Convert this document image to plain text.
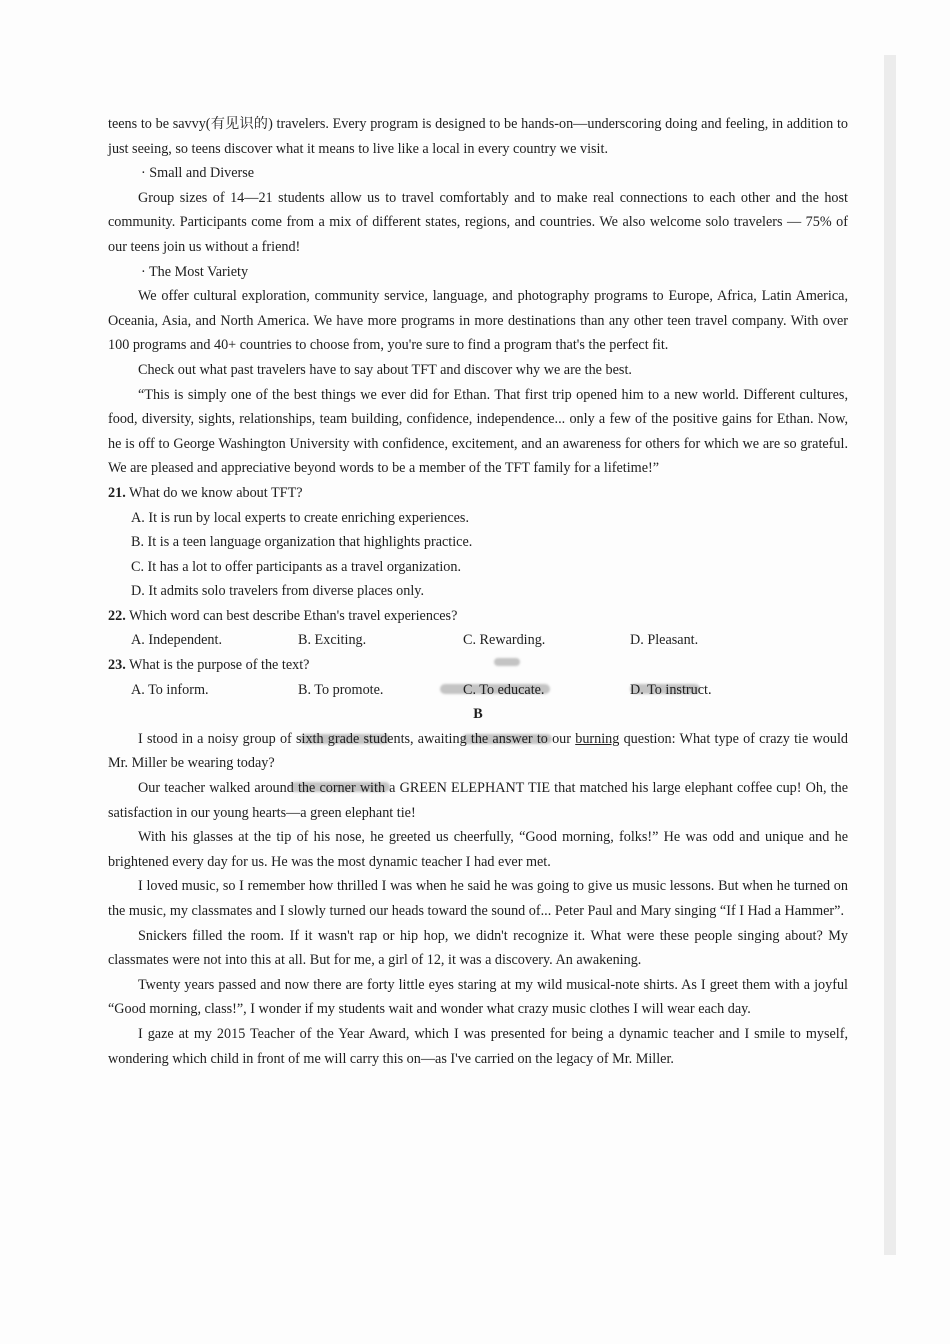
teens to be savvy(有见识的) travelers. Every program is designed to be hands-on—underscoring doing and feeling, in addition to just seeing, so teens discover what it means to live like a local in every country we visit.

· Small and Diverse

Group sizes of 14—21 students allow us to travel comfortably and to make real connections to each other and the host community. Participants come from a mix of different states, regions, and countries. We also welcome solo travelers — 75% of our teens join us without a friend!

· The Most Variety

We offer cultural exploration, community service, language, and photography programs to Europe, Africa, Latin America, Oceania, Asia, and North America. We have more programs in more destinations than any other teen travel company. With over 100 programs and 40+ countries to choose from, you're sure to find a program that's the perfect fit.

Check out what past travelers have to say about TFT and discover why we are the best.

“This is simply one of the best things we ever did for Ethan. That first trip opened him to a new world. Different cultures, food, diversity, sights, relationships, team building, confidence, independence... only a few of the positive gains for Ethan. Now, he is off to George Washington University with confidence, excitement, and an awareness for others for which we are so grateful. We are pleased and appreciative beyond words to be a member of the TFT family for a lifetime!”

21. What do we know about TFT?

A. It is run by local experts to create enriching experiences.

B. It is a teen language organization that highlights practice.

C. It has a lot to offer participants as a travel organization.

D. It admits solo travelers from diverse places only.

22. Which word can best describe Ethan's travel experiences?

A. Independent.	B. Exciting.	C. Rewarding.	D. Pleasant.

23. What is the purpose of the text?

A. To inform.	B. To promote.	C. To educate.	D. To instruct.

B

I stood in a noisy group of sixth grade students, awaiting the answer to our burning question: What type of crazy tie would Mr. Miller be wearing today?

Our teacher walked around the corner with a GREEN ELEPHANT TIE that matched his large elephant coffee cup! Oh, the satisfaction in our young hearts—a green elephant tie!

With his glasses at the tip of his nose, he greeted us cheerfully, “Good morning, folks!” He was odd and unique and he brightened every day for us. He was the most dynamic teacher I had ever met.

I loved music, so I remember how thrilled I was when he said he was going to give us music lessons. But when he turned on the music, my classmates and I slowly turned our heads toward the sound of... Peter Paul and Mary singing “If I Had a Hammer”.

Snickers filled the room. If it wasn't rap or hip hop, we didn't recognize it. What were these people singing about? My classmates were not into this at all. But for me, a girl of 12, it was a discovery. An awakening.

Twenty years passed and now there are forty little eyes staring at my wild musical-note shirts. As I greet them with a joyful “Good morning, class!”, I wonder if my students wait and wonder what crazy music clothes I will wear each day.

I gaze at my 2015 Teacher of the Year Award, which I was presented for being a dynamic teacher and I smile to myself, wondering which child in front of me will carry this on—as I've carried on the legacy of Mr. Miller.
